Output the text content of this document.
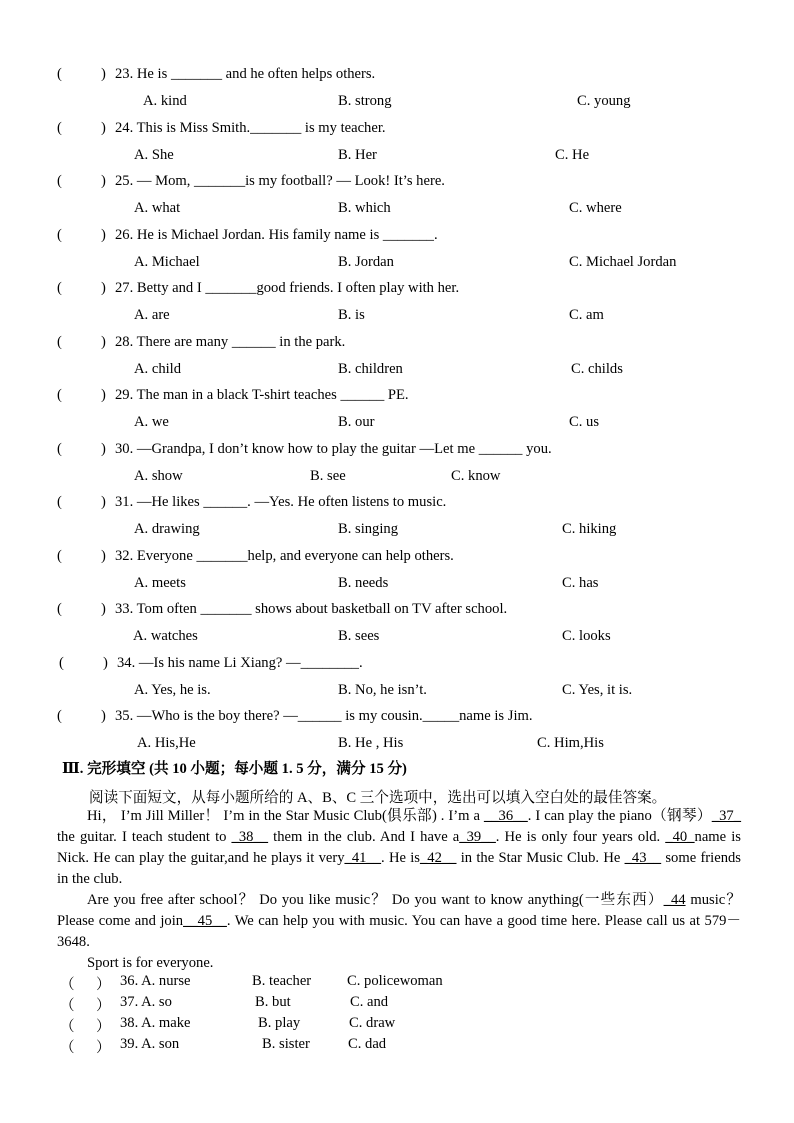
(	) 23. He is _______ and he often helps others.
A. kind	B. strong	C. young
(	) 24. This is Miss Smith._______ is my teacher.
A. She	B. Her	C. He
(	) 25. — Mom, _______is my football? — Look! It’s here.
A. what	B. which	C. where
(	) 26. He is Michael Jordan. His family name is _______.
A. Michael	B. Jordan	C. Michael Jordan
(	) 27. Betty and I _______good friends. I often play with her.
A. are	B. is	C. am
(	) 28. There are many ______ in the park.
A. child	B. children	C. childs
(	) 29. The man in a black T-shirt teaches ______ PE.
A. we	B. our	C. us
(	) 30. —Grandpa, I don’t know how to play the guitar —Let me ______ you.
A. show	B. see	C. know
(	) 31. —He likes ______. —Yes. He often listens to music.
A. drawing	B. singing	C. hiking
(	) 32. Everyone _______help, and everyone can help others.
A. meets	B. needs	C. has
(	) 33. Tom often _______ shows about basketball on TV after school.
A. watches	B. sees	C. looks
(	) 34. —Is his name Li Xiang? —________.
A. Yes, he is.	B. No, he isn’t.	C. Yes, it is.
(	) 35. —Who is the boy there? —______ is my cousin._____name is Jim.
A. His,He	B. He , His	C. Him,His
Ⅲ. 完形填空 (共 10 小题；每小题 1. 5 分，满分 15 分)
阅读下面短文，从每小题所给的 A、B、C 三个选项中，选出可以填入空白处的最佳答案。
Hi， I’m Jill Miller！ I’m in the Star Music Club(俱乐部) . I’m a __36__. I can play the piano（钢琴）_37_ the guitar. I teach student to _38__ them in the club. And I have a_39__. He is only four years old. _40_name is Nick. He can play the guitar,and he plays it very_41__. He is_42__ in the Star Music Club. He _43__ some friends in the club.
Are you free after school？ Do you like music？ Do you want to know anything(一些东西）_44 music？ Please come and join__45__. We can help you with music. You can have a good time here. Please call us at 579－3648.
Sport is for everyone.
（ ） 36. A. nurse	B. teacher C. policewoman
（ ） 37. A. so	B. but	C. and
（ ） 38. A. make	B. play	C. draw
（ ） 39. A. son	B. sister	C. dad
